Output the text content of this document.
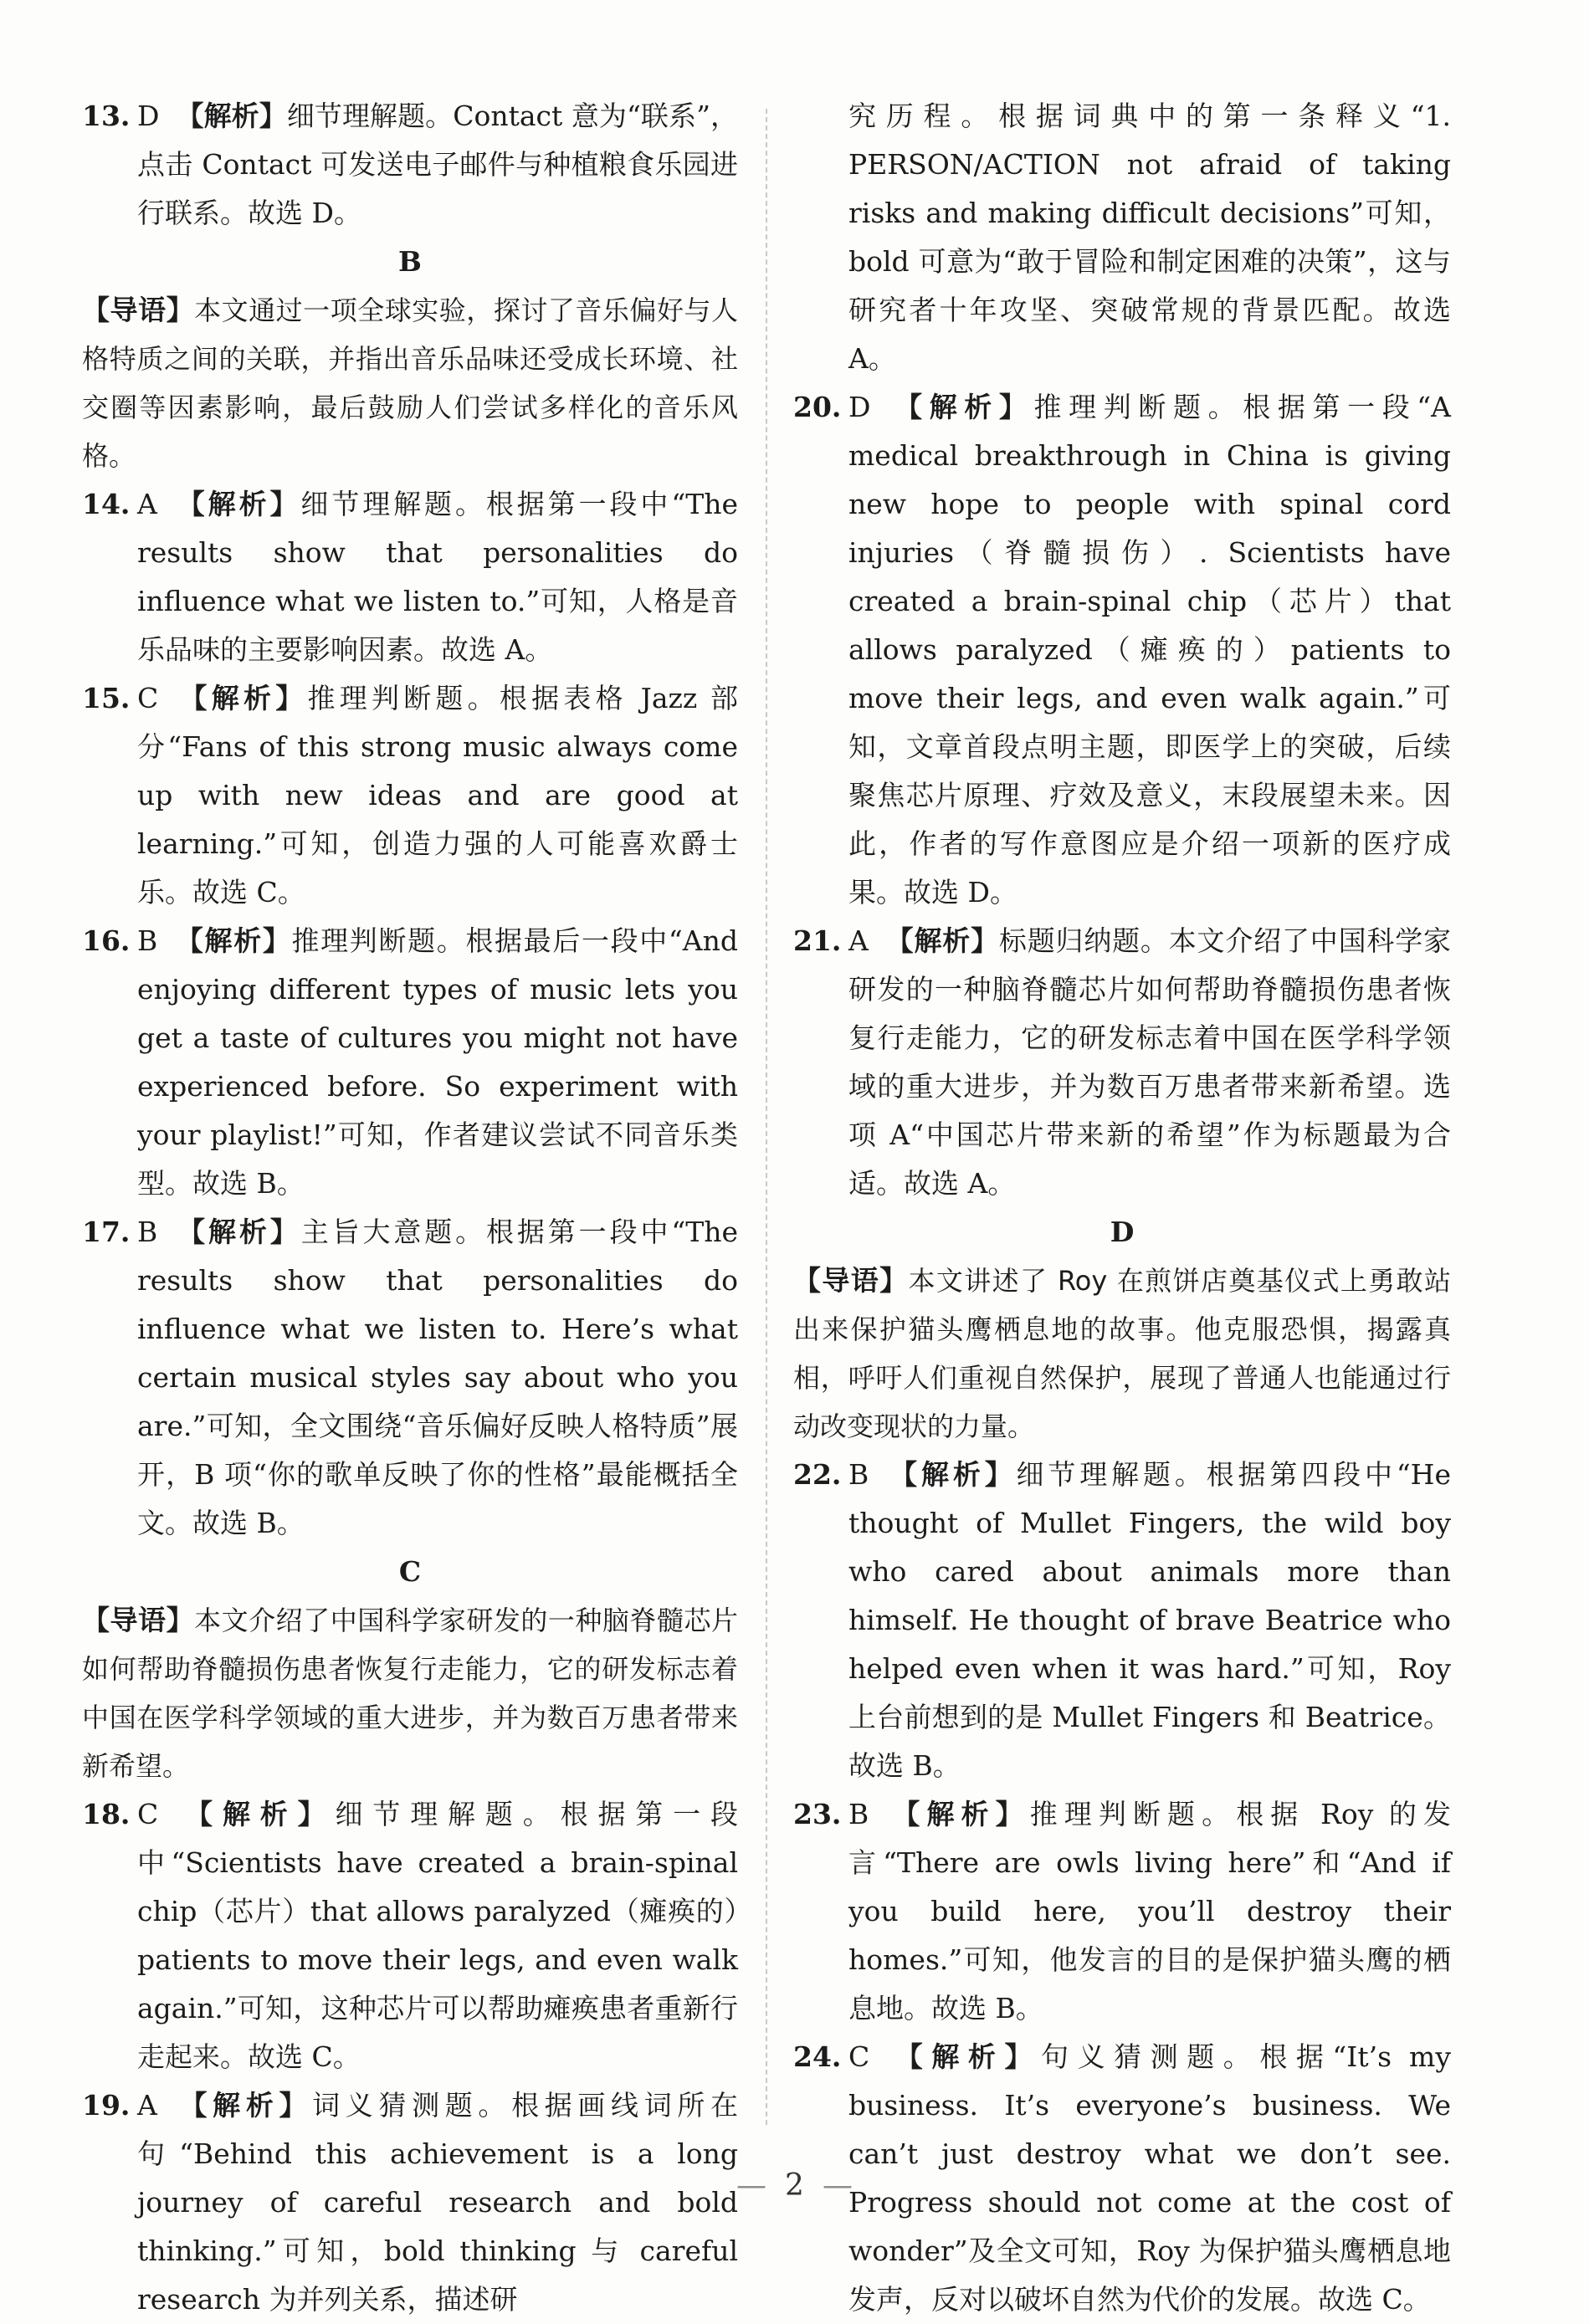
13. D 【解析】细节理解题。Contact 意为“联系”，点击 Contact 可发送电子邮件与种植粮食乐园进行联系。故选 D。
B
【导语】本文通过一项全球实验，探讨了音乐偏好与人格特质之间的关联，并指出音乐品味还受成长环境、社交圈等因素影响，最后鼓励人们尝试多样化的音乐风格。
14. A 【解析】细节理解题。根据第一段中“The results show that personalities do influence what we listen to.”可知，人格是音乐品味的主要影响因素。故选 A。
15. C 【解析】推理判断题。根据表格 Jazz 部分“Fans of this strong music always come up with new ideas and are good at learning.”可知，创造力强的人可能喜欢爵士乐。故选 C。
16. B 【解析】推理判断题。根据最后一段中“And enjoying different types of music lets you get a taste of cultures you might not have experienced before. So experiment with your playlist!”可知，作者建议尝试不同音乐类型。故选 B。
17. B 【解析】主旨大意题。根据第一段中“The results show that personalities do influence what we listen to. Here’s what certain musical styles say about who you are.”可知，全文围绕“音乐偏好反映人格特质”展开，B 项“你的歌单反映了你的性格”最能概括全文。故选 B。
C
【导语】本文介绍了中国科学家研发的一种脑脊髓芯片如何帮助脊髓损伤患者恢复行走能力，它的研发标志着中国在医学科学领域的重大进步，并为数百万患者带来新希望。
18. C 【解析】细节理解题。根据第一段中“Scientists have created a brain-spinal chip（芯片）that allows paralyzed（瘫痪的）patients to move their legs, and even walk again.”可知，这种芯片可以帮助瘫痪患者重新行走起来。故选 C。
19. A 【解析】词义猜测题。根据画线词所在句“Behind this achievement is a long journey of careful research and bold thinking.”可知，bold thinking 与 careful research 为并列关系，描述研
究历程。根据词典中的第一条释义“1. PERSON/ACTION not afraid of taking risks and making difficult decisions”可知，bold 可意为“敢于冒险和制定困难的决策”，这与研究者十年攻坚、突破常规的背景匹配。故选 A。
20. D 【解析】推理判断题。根据第一段“A medical breakthrough in China is giving new hope to people with spinal cord injuries（脊髓损伤）. Scientists have created a brain-spinal chip（芯片）that allows paralyzed（瘫痪的）patients to move their legs, and even walk again.”可知，文章首段点明主题，即医学上的突破，后续聚焦芯片原理、疗效及意义，末段展望未来。因此，作者的写作意图应是介绍一项新的医疗成果。故选 D。
21. A 【解析】标题归纳题。本文介绍了中国科学家研发的一种脑脊髓芯片如何帮助脊髓损伤患者恢复行走能力，它的研发标志着中国在医学科学领域的重大进步，并为数百万患者带来新希望。选项 A“中国芯片带来新的希望”作为标题最为合适。故选 A。
D
【导语】本文讲述了 Roy 在煎饼店奠基仪式上勇敢站出来保护猫头鹰栖息地的故事。他克服恐惧，揭露真相，呼吁人们重视自然保护，展现了普通人也能通过行动改变现状的力量。
22. B 【解析】细节理解题。根据第四段中“He thought of Mullet Fingers, the wild boy who cared about animals more than himself. He thought of brave Beatrice who helped even when it was hard.”可知，Roy 上台前想到的是 Mullet Fingers 和 Beatrice。故选 B。
23. B 【解析】推理判断题。根据 Roy 的发言“There are owls living here”和“And if you build here, you’ll destroy their homes.”可知，他发言的目的是保护猫头鹰的栖息地。故选 B。
24. C 【解析】句义猜测题。根据“It’s my business. It’s everyone’s business. We can’t just destroy what we don’t see. Progress should not come at the cost of wonder”及全文可知，Roy 为保护猫头鹰栖息地发声，反对以破坏自然为代价的发展。故选 C。
— 2 —
